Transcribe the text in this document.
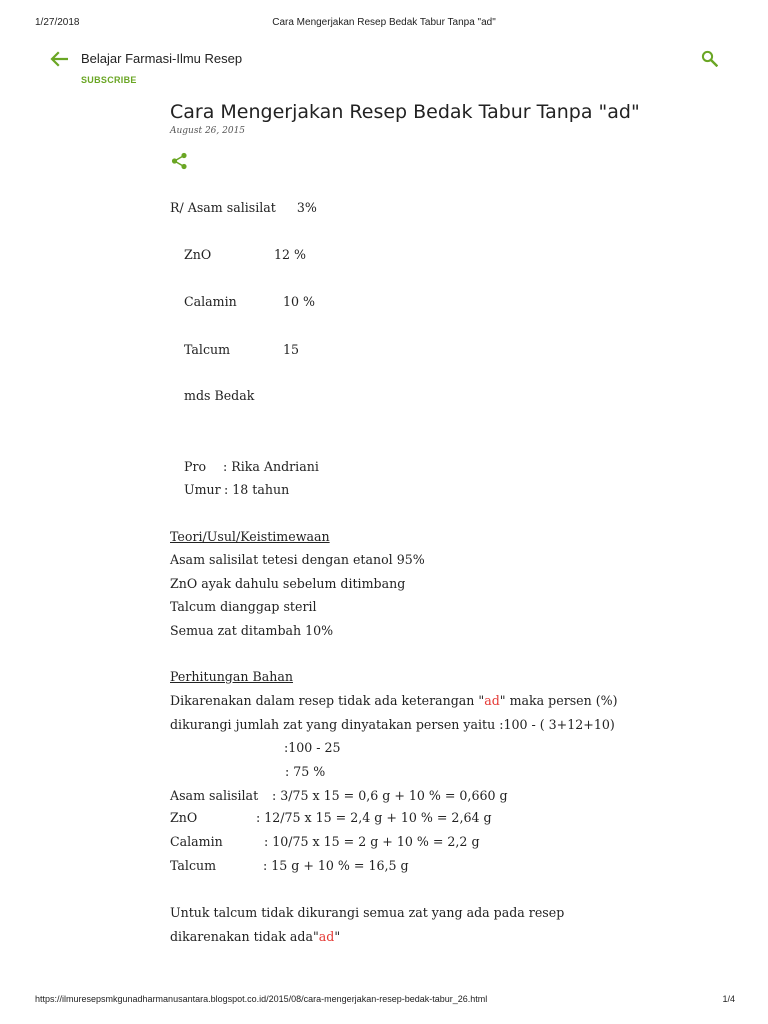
1/27/2018	Cara Mengerjakan Resep Bedak Tabur Tanpa "ad"
https://ilmuresepsmkgunadharmanusantara.blogspot.co.id/2015/08/cara-mengerjakan-resep-bedak-tabur_26.html	1/4
Belajar Farmasi-Ilmu Resep
SUBSCRIBE
Cara Mengerjakan Resep Bedak Tabur Tanpa "ad"
August 26, 2015
R/ Asam salisilat 3%
ZnO	12 %
Calamin	10 %
Talcum	15
mds Bedak
Pro : Rika Andriani
Umur : 18 tahun
Teori/Usul/Keistimewaan
Asam salisilat tetesi dengan etanol 95%
ZnO ayak dahulu sebelum ditimbang
Talcum dianggap steril
Semua zat ditambah 10%
Perhitungan Bahan
Dikarenakan dalam resep tidak ada keterangan "ad" maka persen (%)
dikurangi jumlah zat yang dinyatakan persen yaitu :100 - ( 3+12+10)
:100 - 25
: 75 %
Asam salisilat : 3/75 x 15 = 0,6 g + 10 % = 0,660 g
ZnO	: 12/75 x 15 = 2,4 g + 10 % = 2,64 g
Calamin	: 10/75 x 15 = 2 g + 10 % = 2,2 g
Talcum	: 15 g + 10 % = 16,5 g
Untuk talcum tidak dikurangi semua zat yang ada pada resep
dikarenakan tidak ada"ad"
